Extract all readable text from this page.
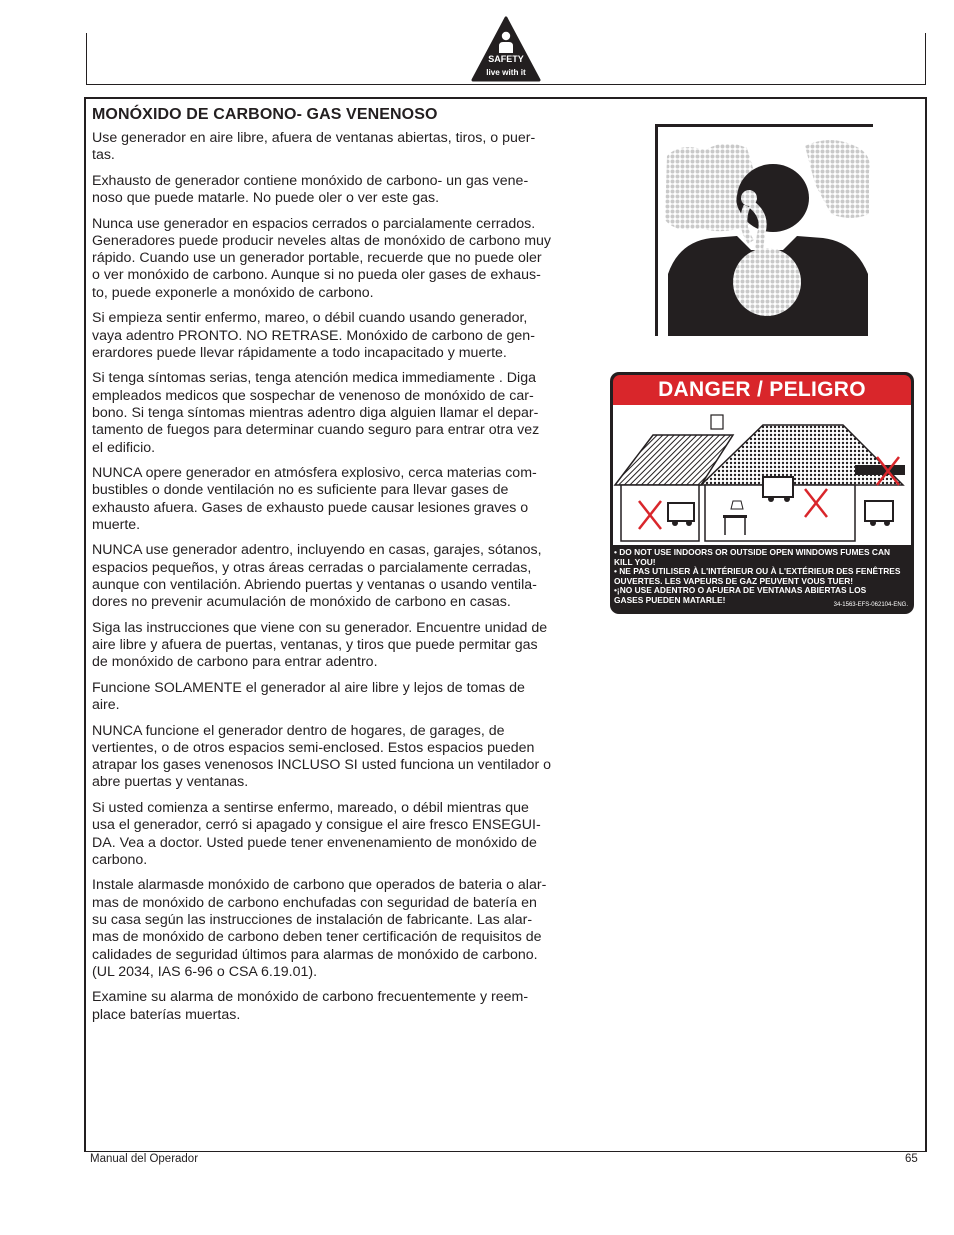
SAFETY
live with it
MONÓXIDO DE CARBONO- GAS VENENOSO

Use generador en aire libre, afuera de ventanas abiertas, tiros, o puer-
tas.

Exhausto de generador contiene monóxido de carbono- un gas vene-
noso que puede matarle. No puede oler o ver este gas.

Nunca use generador en espacios cerrados o parcialamente cerrados.
Generadores puede producir neveles altas de monóxido de carbono muy
rápido. Cuando use un generador portable, recuerde que no puede oler
o ver monóxido de carbono. Aunque si no pueda oler gases de exhaus-
to, puede exponerle a monóxido de carbono.

Si empieza sentir enfermo, mareo, o débil cuando usando generador,
vaya adentro PRONTO. NO RETRASE. Monóxido de carbono de gen-
erardores puede llevar rápidamente a todo incapacitado y muerte.

Si tenga síntomas serias, tenga atención medica immediamente . Diga
empleados medicos que sospechar de venenoso de monóxido de car-
bono. Si tenga síntomas mientras adentro diga alguien llamar el depar-
tamento de fuegos para determinar cuando seguro para entrar otra vez
el edificio.

NUNCA opere generador en atmósfera explosivo, cerca materias com-
bustibles o donde ventilación no es suficiente para llevar gases de
exhausto afuera. Gases de exhausto puede causar lesiones graves o
muerte.

NUNCA use generador adentro, incluyendo en casas, garajes, sótanos,
espacios pequeños, y otras áreas cerradas o parcialamente cerradas,
aunque con ventilación. Abriendo puertas y ventanas o usando ventila-
dores no prevenir acumulación de monóxido de carbono en casas.

Siga las instrucciones que viene con su generador. Encuentre unidad de
aire libre y afuera de puertas, ventanas, y tiros que puede permitar gas
de monóxido de carbono para entrar adentro.

Funcione SOLAMENTE el generador al aire libre y lejos de tomas de
aire.

NUNCA funcione el generador dentro de hogares, de garages, de
vertientes, o de otros espacios semi-enclosed. Estos espacios pueden
atrapar los gases venenosos INCLUSO SI usted funciona un ventilador o
abre puertas y ventanas.

Si usted comienza a sentirse enfermo, mareado, o débil mientras que
usa el generador, cerró si apagado y consigue el aire fresco ENSEGUI-
DA. Vea a doctor. Usted puede tener envenenamiento de monóxido de
carbono.

Instale alarmasde monóxido de carbono que operados de bateria o alar-
mas de monóxido de carbono enchufadas con seguridad de batería en
su casa según las instrucciones de instalación de fabricante. Las alar-
mas de monóxido de carbono deben tener certificación de requisitos de
calidades de seguridad últimos para alarmas de monóxido de carbono.
(UL 2034, IAS 6-96 o CSA 6.19.01).

Examine su alarma de monóxido de carbono frecuentemente y reem-
place baterías muertas.

DANGER / PELIGRO
• DO NOT USE INDOORS OR OUTSIDE OPEN WINDOWS FUMES CAN
KILL YOU!
• NE PAS UTILISER À L'INTÉRIEUR OU À L'EXTÉRIEUR DES FENÊTRES
OUVERTES. LES VAPEURS DE GAZ PEUVENT VOUS TUER!
•¡NO USE ADENTRO O AFUERA DE VENTANAS ABIERTAS LOS
GASES PUEDEN MATARLE!
34-1563-EFS-062104-ENG.
Manual del Operador	65
